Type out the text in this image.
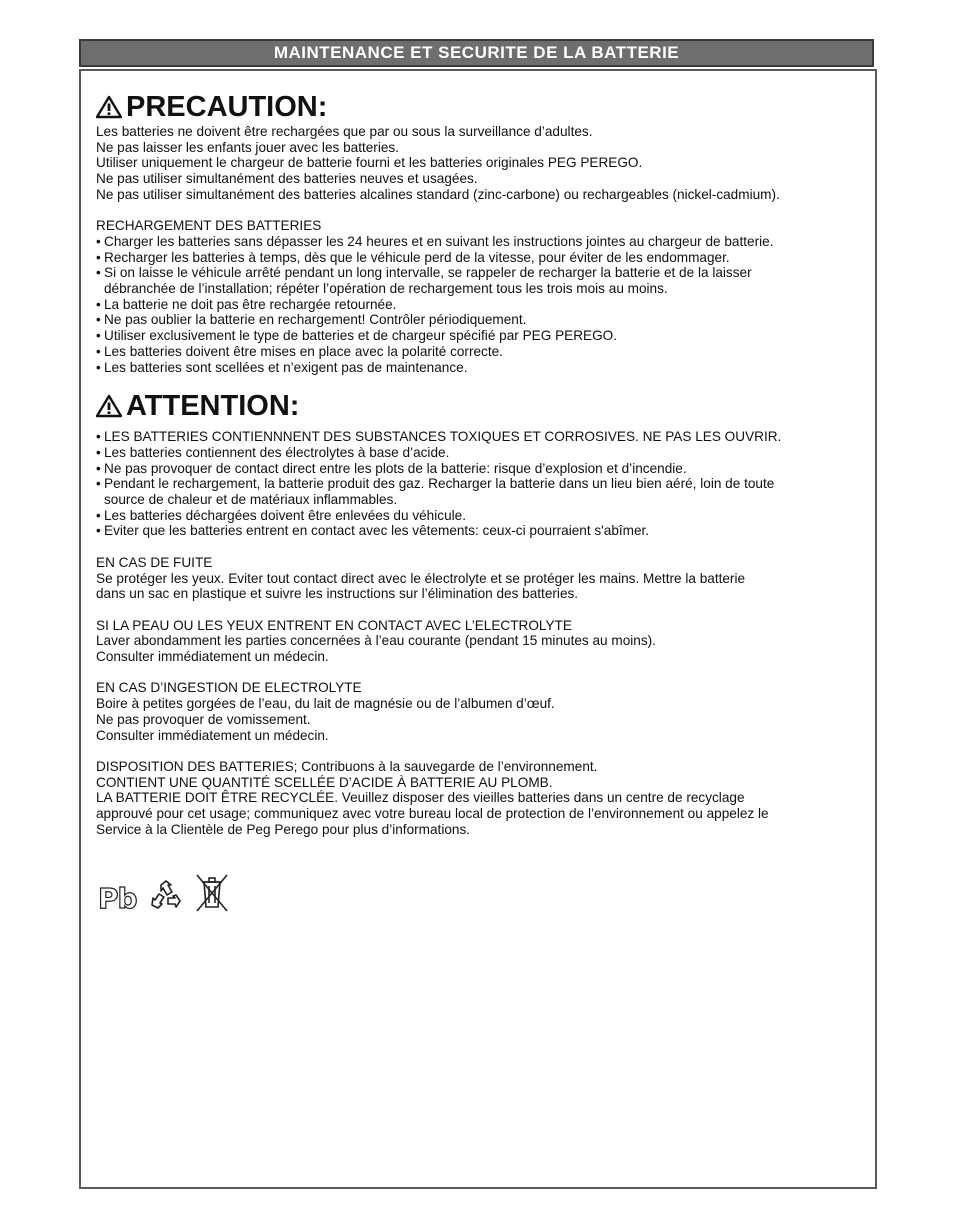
MAINTENANCE ET SECURITE DE LA BATTERIE
PRECAUTION:

Les batteries ne doivent être rechargées que par ou sous la surveillance d’adultes.

Ne pas laisser les enfants jouer avec les batteries.

Utiliser uniquement le chargeur de batterie fourni et les batteries originales PEG PEREGO.

Ne pas utiliser simultanément des batteries neuves et usagées.

Ne pas utiliser simultanément des batteries alcalines standard (zinc-carbone) ou rechargeables (nickel-cadmium).

RECHARGEMENT DES BATTERIES

• Charger les batteries sans dépasser les 24 heures et en suivant les instructions jointes au chargeur de batterie.
• Recharger les batteries à temps, dès que le véhicule perd de la vitesse, pour éviter de les endommager.
• Si on laisse le véhicule arrêté pendant un long intervalle, se rappeler de recharger la batterie et de la laisser
débranchée de l’installation; répéter l’opération de rechargement tous les trois mois au moins.
• La batterie ne doit pas être rechargée retournée.
• Ne pas oublier la batterie en rechargement! Contrôler périodiquement.
• Utiliser exclusivement le type de batteries et de chargeur spécifié par PEG PEREGO.
• Les batteries doivent être mises en place avec la polarité correcte.
• Les batteries sont scellées et n’exigent pas de maintenance.
ATTENTION:
• LES BATTERIES CONTIENNNENT DES SUBSTANCES TOXIQUES ET CORROSIVES. NE PAS LES OUVRIR.
• Les batteries contiennent des électrolytes à base d’acide.
• Ne pas provoquer de contact direct entre les plots de la batterie: risque d’explosion et d’incendie.
• Pendant le rechargement, la batterie produit des gaz. Recharger la batterie dans un lieu bien aéré, loin de toute
source de chaleur et de matériaux inflammables.
• Les batteries déchargées doivent être enlevées du véhicule.
• Eviter que les batteries entrent en contact avec les vêtements: ceux-ci pourraient s'abîmer.

EN CAS DE FUITE

Se protéger les yeux. Eviter tout contact direct avec le électrolyte et se protéger les mains. Mettre la batterie

dans un sac en plastique et suivre les instructions sur l’élimination des batteries.

SI LA PEAU OU LES YEUX ENTRENT EN CONTACT AVEC L’ELECTROLYTE

Laver abondamment les parties concernées à l’eau courante (pendant 15 minutes au moins).

Consulter immédiatement un médecin.

EN CAS D’INGESTION DE ELECTROLYTE

Boire à petites gorgées de l’eau, du lait de magnésie ou de l’albumen d’œuf.

Ne pas provoquer de vomissement.

Consulter immédiatement un médecin.

DISPOSITION DES BATTERIES; Contribuons à la sauvegarde de l’environnement.

CONTIENT UNE QUANTITÉ SCELLÉE D’ACIDE À BATTERIE AU PLOMB.

LA BATTERIE DOIT ÊTRE RECYCLÉE. Veuillez disposer des vieilles batteries dans un centre de recyclage

approuvé pour cet usage; communiquez avec votre bureau local de protection de l’environnement ou appelez le

Service à la Clientèle de Peg Perego pour plus d’informations.

Pb
